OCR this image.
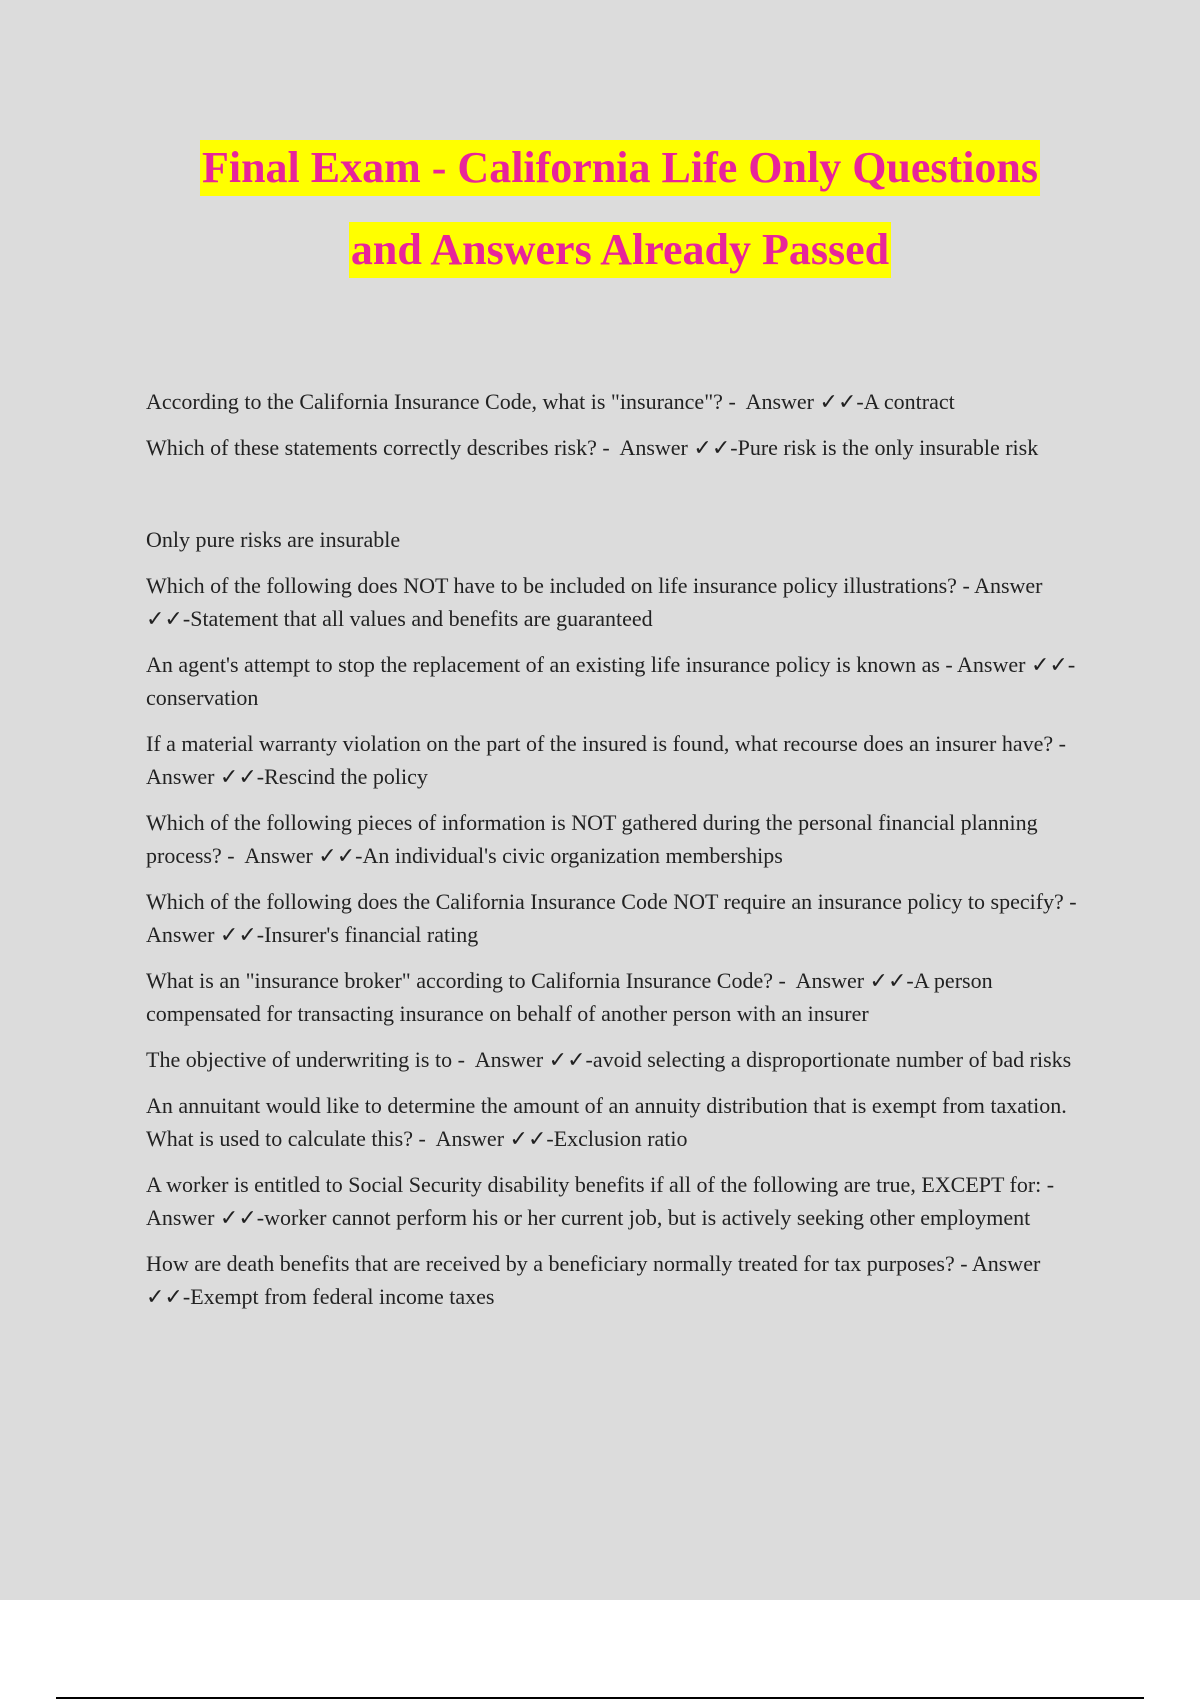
Final Exam - California Life Only Questions
and Answers Already Passed

According to the California Insurance Code, what is "insurance"? - Answer ✓✓-A contract

Which of these statements correctly describes risk? - Answer ✓✓-Pure risk is the only insurable risk

Only pure risks are insurable

Which of the following does NOT have to be included on life insurance policy illustrations? - Answer ✓✓-Statement that all values and benefits are guaranteed

An agent's attempt to stop the replacement of an existing life insurance policy is known as - Answer ✓✓-conservation

If a material warranty violation on the part of the insured is found, what recourse does an insurer have? -  Answer ✓✓-Rescind the policy

Which of the following pieces of information is NOT gathered during the personal financial planning process? - Answer ✓✓-An individual's civic organization memberships

Which of the following does the California Insurance Code NOT require an insurance policy to specify? -  Answer ✓✓-Insurer's financial rating

What is an "insurance broker" according to California Insurance Code? - Answer ✓✓-A person compensated for transacting insurance on behalf of another person with an insurer

The objective of underwriting is to - Answer ✓✓-avoid selecting a disproportionate number of bad risks

An annuitant would like to determine the amount of an annuity distribution that is exempt from taxation. What is used to calculate this? - Answer ✓✓-Exclusion ratio

A worker is entitled to Social Security disability benefits if all of the following are true, EXCEPT for: -  Answer ✓✓-worker cannot perform his or her current job, but is actively seeking other employment

How are death benefits that are received by a beneficiary normally treated for tax purposes? - Answer ✓✓-Exempt from federal income taxes
